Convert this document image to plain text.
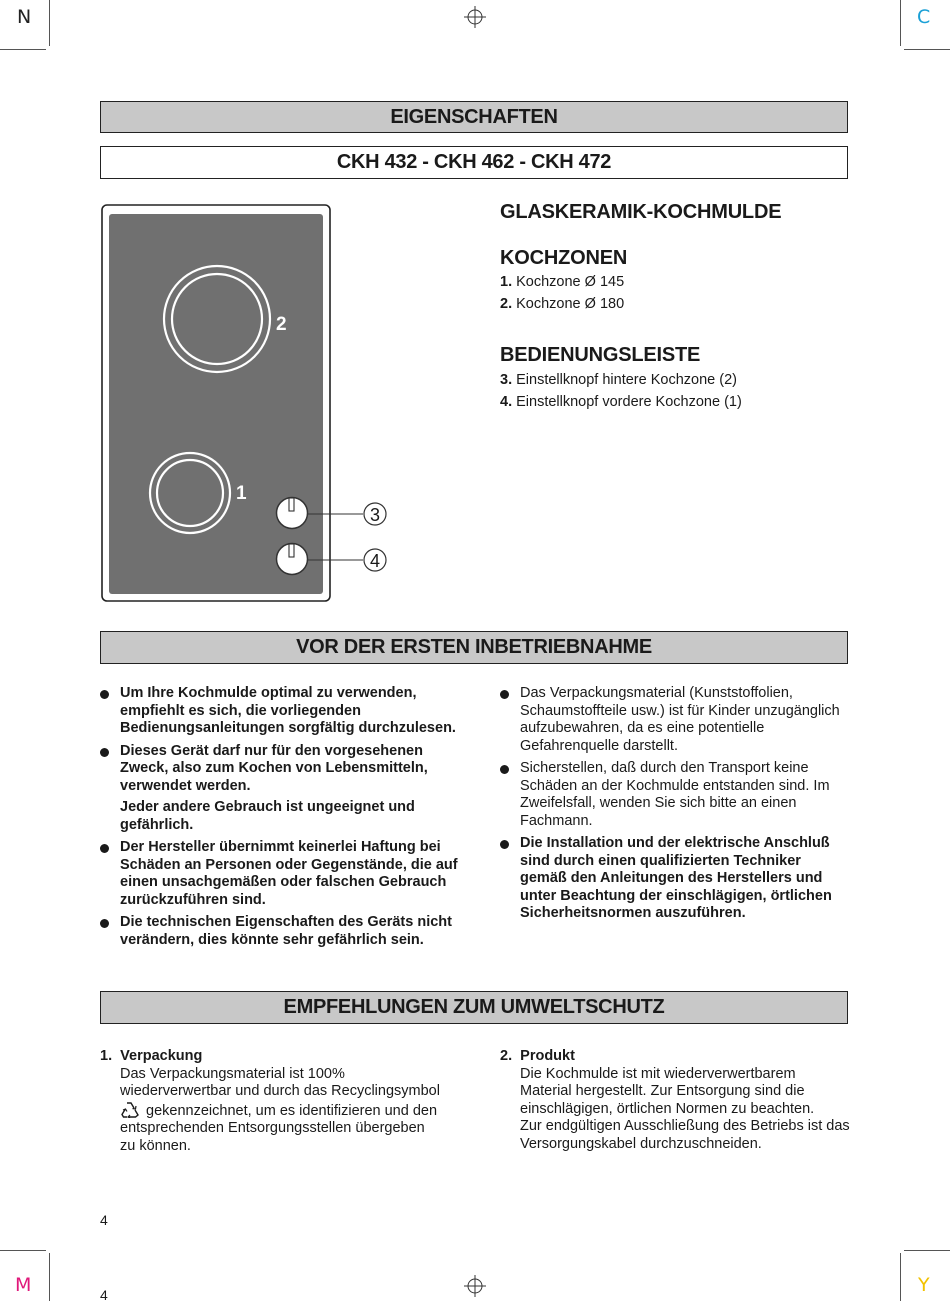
N	C
M	Y
EIGENSCHAFTEN
CKH 432 - CKH 462 - CKH 472
2
1
3
4
GLASKERAMIK-KOCHMULDE
KOCHZONEN
1. Kochzone Ø 145
2. Kochzone Ø 180
BEDIENUNGSLEISTE
3. Einstellknopf hintere Kochzone (2)
4. Einstellknopf vordere Kochzone (1)
VOR DER ERSTEN INBETRIEBNAHME
Um Ihre Kochmulde optimal zu verwenden, empfiehlt es sich, die vorliegenden Bedienungsanleitungen sorgfältig durchzulesen.
Dieses Gerät darf nur für den vorgesehenen Zweck, also zum Kochen von Lebensmitteln, verwendet werden.
Jeder andere Gebrauch ist ungeeignet und gefährlich.
Der Hersteller übernimmt keinerlei Haftung bei Schäden an Personen oder Gegenstände, die auf einen unsachgemäßen oder falschen Gebrauch zurückzuführen sind.
Die technischen Eigenschaften des Geräts nicht verändern, dies könnte sehr gefährlich sein.
Das Verpackungsmaterial (Kunststoffolien, Schaumstoffteile usw.) ist für Kinder unzugänglich aufzubewahren, da es eine potentielle Gefahrenquelle darstellt.
Sicherstellen, daß durch den Transport keine Schäden an der Kochmulde entstanden sind. Im Zweifelsfall, wenden Sie sich bitte an einen Fachmann.
Die Installation und der elektrische Anschluß sind durch einen qualifizierten Techniker gemäß den Anleitungen des Herstellers und unter Beachtung der einschlägigen, örtlichen Sicherheitsnormen auszuführen.
EMPFEHLUNGEN ZUM UMWELTSCHUTZ
1. Verpackung
Das Verpackungsmaterial ist 100% wiederverwertbar und durch das Recyclingsymbol
gekennzeichnet, um es identifizieren und den entsprechenden Entsorgungsstellen übergeben zu können.
2. Produkt
Die Kochmulde ist mit wiederverwertbarem Material hergestellt. Zur Entsorgung sind die einschlägigen, örtlichen Normen zu beachten.
Zur endgültigen Ausschließung des Betriebs ist das Versorgungskabel durchzuschneiden.
4
4
